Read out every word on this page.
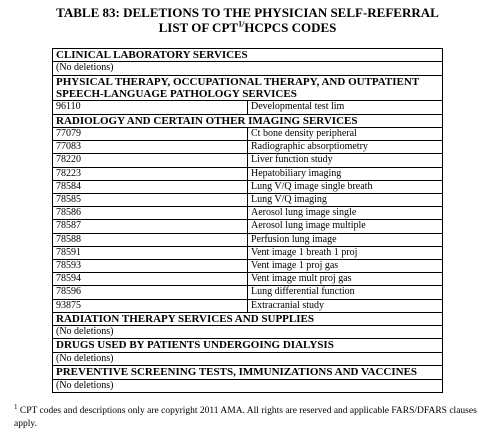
TABLE 83: DELETIONS TO THE PHYSICIAN SELF-REFERRAL
LIST OF $CPT^{1/}HCPCS$ CODES
CLINICAL LABORATORY SERVICES	
(No deletions)	
PHYSICAL THERAPY, OCCUPATIONAL THERAPY, AND OUTPATIENT SPEECH-LANGUAGE PATHOLOGY SERVICES	
96110	Developmental test lim
RADIOLOGY AND CERTAIN OTHER IMAGING SERVICES	
77079	Ct bone density peripheral
77083	Radiographic absorptiometry
78220	Liver function study
78223	Hepatobiliary imaging
78584	Lung V/Q image single breath
78585	Lung V/Q imaging
78586	Aerosol lung image single
78587	Aerosol lung image multiple
78588	Perfusion lung image
78591	Vent image 1 breath 1 proj
78593	Vent image 1 proj gas
78594	Vent image mult proj gas
78596	Lung differential function
93875	Extracranial study
RADIATION THERAPY SERVICES AND SUPPLIES	
(No deletions)	
DRUGS USED BY PATIENTS UNDERGOING DIALYSIS	
(No deletions)	
PREVENTIVE SCREENING TESTS, IMMUNIZATIONS AND VACCINES	
(No deletions)	
$^1$ CPT codes and descriptions only are copyright 2011 AMA. All rights are reserved and applicable FARS/DFARS clauses apply.
